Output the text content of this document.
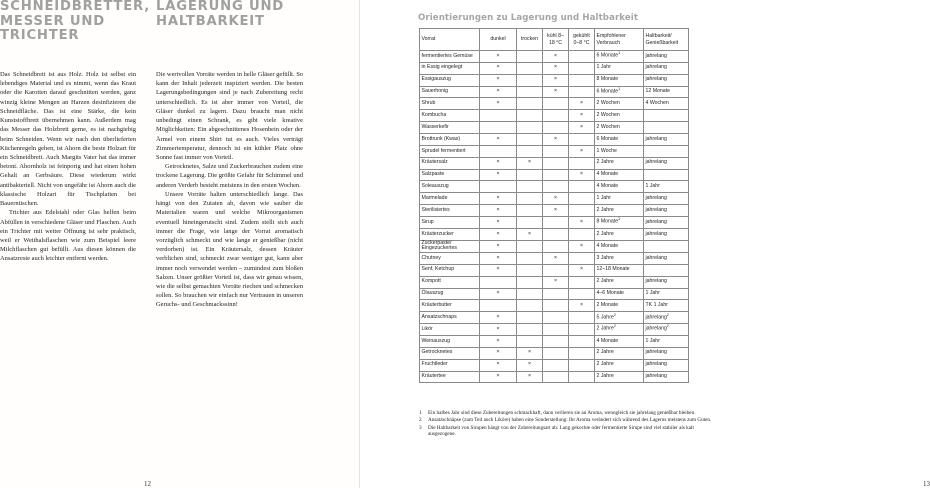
SCHNEIDBRETTER,
MESSER UND
TRICHTER
LAGERUNG UND
HALTBARKEIT

Das Schneidbrett ist aus Holz. Holz ist selbst ein lebendiges Material und es nimmt, wenn das Kraut oder die Karotten darauf geschnitten werden, ganz winzig kleine Mengen an Harzen desinfizieren die Schneidfläche. Das ist eine Stärke, die kein Kunststoffbrett übernehmen kann. Außerdem mag das Messer das Holzbrett gerne, es ist nachgiebig beim Schneiden. Wenn wir nach den überlieferten Küchenregeln gehen, ist Ahorn die beste Holzart für ein Schneidbrett. Auch Margits Vater hat das immer betont. Ahornholz ist feinporig und hat einen hohen Gehalt an Gerbsäure. Diese wiederum wirkt antibakteriell. Nicht von ungefähr ist Ahorn auch die klassische Holzart für Tischplatten bei Bauerntischen.

Trichter aus Edelstahl oder Glas helfen beim Abfüllen in verschiedene Gläser und Flaschen. Auch ein Trichter mit weiter Öffnung ist sehr praktisch, weil er Weithalsflaschen wie zum Beispiel leere Milchflaschen gut befüllt. Aus diesen können die Ansatzreste auch leichter entfernt werden.

Die wertvollen Vorräte werden in helle Gläser gefüllt. So kann der Inhalt jederzeit inspiziert werden. Die besten Lagerungsbedingungen sind je nach Zubereitung recht unterschiedlich. Es ist aber immer von Vorteil, die Gläser dunkel zu lagern. Dazu braucht man nicht unbedingt einen Schrank, es gibt viele kreative Möglichkeiten: Ein abgeschnittenes Hosenbein oder der Ärmel von einem Shirt tut es auch. Vieles verträgt Zimmertemperatur, dennoch ist ein kühler Platz ohne Sonne fast immer von Vorteil.

Getrocknetes, Salze und Zuckerbrauchen zudem eine trockene Lagerung. Die größte Gefahr für Schimmel und anderen Verderb besteht meistens in den ersten Wochen.

Unsere Vorräte halten unterschiedlich lange. Das hängt von den Zutaten ab, davon wie sauber die Materialien waren und welche Mikroorganismen eventuell hineingerutscht sind. Zudem stellt sich auch immer die Frage, wie lange der Vorrat aromatisch vorzüglich schmeckt und wie lange er genießbar (nicht verdorben) ist. Ein Kräutersalz, dessen Kräuter verblichen sind, schmeckt zwar weniger gut, kann aber immer noch verwendet werden – zumindest zum bloßen Salzen. Unser größter Vorteil ist, dass wir genau wissen, wie die selbst gemachten Vorräte riechen und schmecken sollen. So brauchen wir einfach nur Vertrauen in unseren Geruchs- und Geschmackssinn!

12	13
Orientierungen zu Lagerung und Haltbarkeit
Vorrat	dunkel	trocken	kühl 8–18 °C	gekühlt 0–8 °C	Empfohlener Verbrauch	Haltbarkeit/ Genießbarkeit
fermentiertes Gemüse	×		×		6 Monate$^1$	jahrelang
in Essig eingelegt	×		×		1 Jahr	jahrelang
Essigauszug	×		×		8 Monate	jahrelang
Sauerhonig	×		×		6 Monate$^1$	12 Monate
Shrub	×			×	2 Wochen	4 Wochen
Kombucha				×	2 Wochen	
Wasserkefir				×	2 Wochen	
Brottrunk (Kwas)	×		×		6 Monate	jahrelang
Sprudel fermentiert				×	1 Woche	
Kräutersalz	×	×			2 Jahre	jahrelang
Salzpaste	×			×	4 Monate	
Soleauszug					4 Monate	1 Jahr
Marmelade	×		×		1 Jahr	jahrelang
Sterilisiertes	×		×		2 Jahre	jahrelang
Sirup	×			×	8 Monate$^3$	jahrelang
Kräuterzucker	×	×			2 Jahre	jahrelang
Zuckerpaste/ Eingezuckertes	×			×	4 Monate	
Chutney	×		×		3 Jahre	jahrelang
Senf, Ketchup	×			×	12–18 Monate	
Kompott			×		2 Jahre	jahrelang
Ölauszug	×				4–6 Monate	1 Jahr
Kräuterbutter				×	2 Monate	TK 1 Jahr
Ansatzschnaps	×				5 Jahre$^2$	jahrelang$^2$
Likör	×				2 Jahre$^2$	jahrelang$^2$
Weinauszug	×				4 Monate	1 Jahr
Getrocknetes	×	×			2 Jahre	jahrelang
Fruchtleder	×	×			2 Jahre	jahrelang
Kräutertee	×	×			2 Jahre	jahrelang
1	Ein halbes Jahr sind diese Zubereitungen schmackhaft, dann verlieren sie an Aroma, wenngleich sie jahrelang genießbar bleiben.
2	Ansatzschnäpse (zum Teil auch Liköre) haben eine Sonderstellung: Ihr Aroma verändert sich während des Lagerns meistens zum Guten.
3	Die Haltbarkeit von Sirupen hängt von der Zubereitungsart ab: Lang gekochte oder fermentierte Sirupe sind viel stabiler als kalt ausgezogene.
